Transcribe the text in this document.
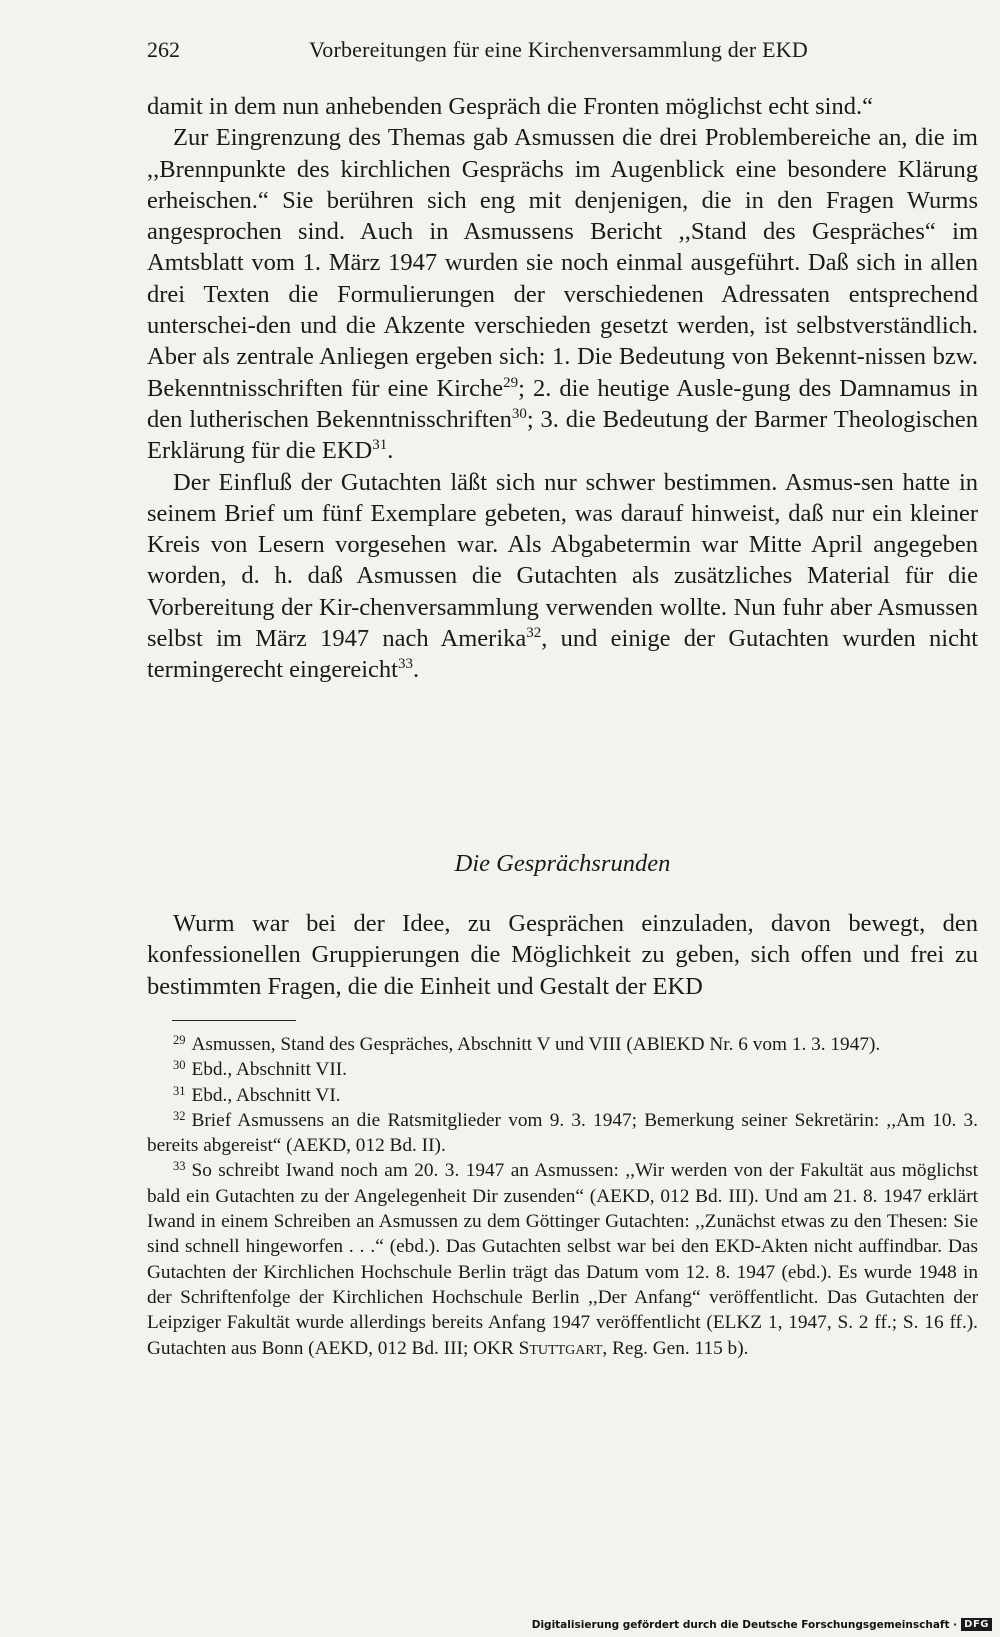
262	Vorbereitungen für eine Kirchenversammlung der EKD

damit in dem nun anhebenden Gespräch die Fronten möglichst echt sind.“

Zur Eingrenzung des Themas gab Asmussen die drei Problembereiche an, die im ,,Brennpunkte des kirchlichen Gesprächs im Augenblick eine besondere Klärung erheischen.“ Sie berühren sich eng mit denjenigen, die in den Fragen Wurms angesprochen sind. Auch in Asmussens Bericht ,,Stand des Gespräches“ im Amtsblatt vom 1. März 1947 wurden sie noch einmal ausgeführt. Daß sich in allen drei Texten die Formulierungen der verschiedenen Adressaten entsprechend unterschei-den und die Akzente verschieden gesetzt werden, ist selbstverständlich. Aber als zentrale Anliegen ergeben sich: 1. Die Bedeutung von Bekennt-nissen bzw. Bekenntnisschriften für eine Kirche$^{29}$; 2. die heutige Ausle-gung des Damnamus in den lutherischen Bekenntnisschriften$^{30}$; 3. die Bedeutung der Barmer Theologischen Erklärung für die EKD$^{31}$.

Der Einfluß der Gutachten läßt sich nur schwer bestimmen. Asmus-sen hatte in seinem Brief um fünf Exemplare gebeten, was darauf hinweist, daß nur ein kleiner Kreis von Lesern vorgesehen war. Als Abgabetermin war Mitte April angegeben worden, d. h. daß Asmussen die Gutachten als zusätzliches Material für die Vorbereitung der Kir-chenversammlung verwenden wollte. Nun fuhr aber Asmussen selbst im März 1947 nach Amerika$^{32}$, und einige der Gutachten wurden nicht termingerecht eingereicht$^{33}$.

Die Gesprächsrunden

Wurm war bei der Idee, zu Gesprächen einzuladen, davon bewegt, den konfessionellen Gruppierungen die Möglichkeit zu geben, sich offen und frei zu bestimmten Fragen, die die Einheit und Gestalt der EKD

$^{29}$ Asmussen, Stand des Gespräches, Abschnitt V und VIII (ABlEKD Nr. 6 vom 1. 3. 1947).

$^{30}$ Ebd., Abschnitt VII.

$^{31}$ Ebd., Abschnitt VI.

$^{32}$ Brief Asmussens an die Ratsmitglieder vom 9. 3. 1947; Bemerkung seiner Sekretärin: ,,Am 10. 3. bereits abgereist“ (AEKD, 012 Bd. II).

$^{33}$ So schreibt Iwand noch am 20. 3. 1947 an Asmussen: ,,Wir werden von der Fakultät aus möglichst bald ein Gutachten zu der Angelegenheit Dir zusenden“ (AEKD, 012 Bd. III). Und am 21. 8. 1947 erklärt Iwand in einem Schreiben an Asmussen zu dem Göttinger Gutachten: ,,Zunächst etwas zu den Thesen: Sie sind schnell hingeworfen . . .“ (ebd.). Das Gutachten selbst war bei den EKD-Akten nicht auffindbar. Das Gutachten der Kirchlichen Hochschule Berlin trägt das Datum vom 12. 8. 1947 (ebd.). Es wurde 1948 in der Schriftenfolge der Kirchlichen Hochschule Berlin ,,Der Anfang“ veröffentlicht. Das Gutachten der Leipziger Fakultät wurde allerdings bereits Anfang 1947 veröffentlicht (ELKZ 1, 1947, S. 2 ff.; S. 16 ff.). Gutachten aus Bonn (AEKD, 012 Bd. III; OKR Stuttgart, Reg. Gen. 115 b).

Digitalisierung gefördert durch die Deutsche Forschungsgemeinschaft · DFG
